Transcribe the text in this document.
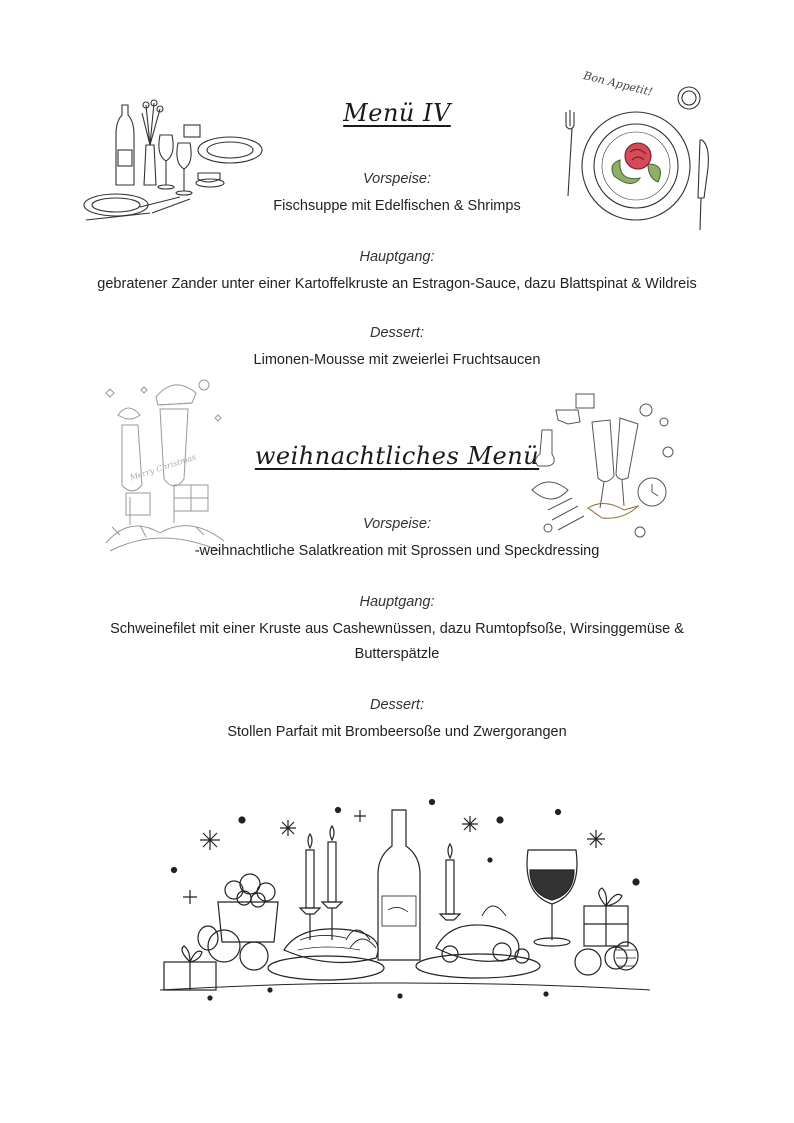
Bon Appetit!
Menü IV
Vorspeise:
Fischsuppe mit Edelfischen & Shrimps
Hauptgang:
gebratener Zander unter einer Kartoffelkruste an Estragon-Sauce, dazu Blattspinat & Wildreis
Dessert:
Limonen-Mousse mit zweierlei Fruchtsaucen
Merry Christmas	weihnachtliches Menü
Vorspeise:
-weihnachtliche Salatkreation mit Sprossen und Speckdressing
Hauptgang:
Schweinefilet mit einer Kruste aus Cashewnüssen, dazu Rumtopfsoße, Wirsinggemüse & Butterspätzle
Dessert:
Stollen Parfait mit Brombeersoße und Zwergorangen
